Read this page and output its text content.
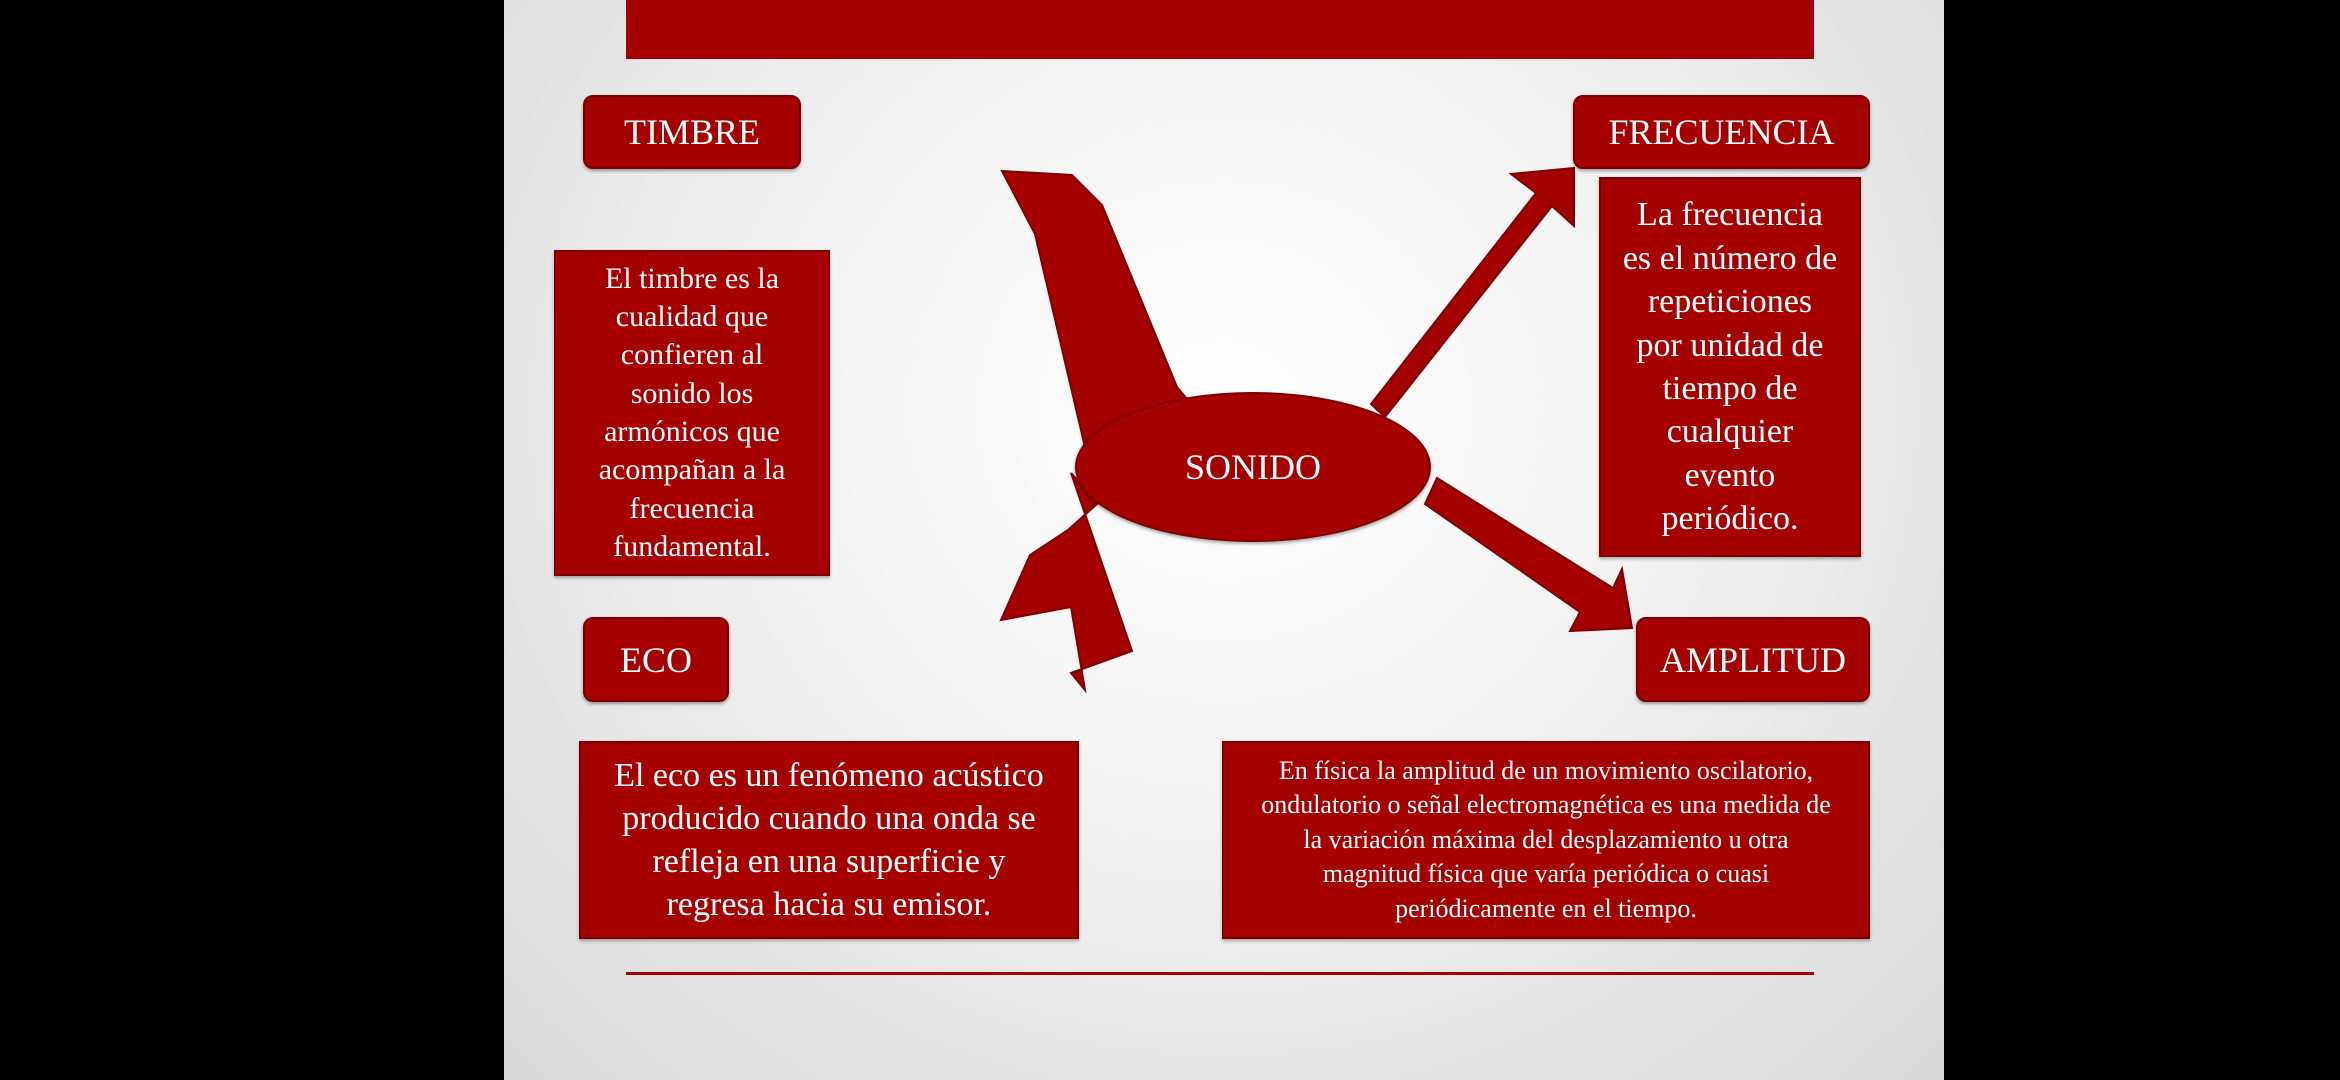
SONIDO
TIMBRE	FRECUENCIA
ECO	AMPLITUD
El timbre es la
cualidad que
confieren al
sonido los
armónicos que
acompañan a la
frecuencia
fundamental.
La frecuencia
es el número de
repeticiones
por unidad de
tiempo de
cualquier
evento
periódico.
El eco es un fenómeno acústico
producido cuando una onda se
refleja en una superficie y
regresa hacia su emisor.
En física la amplitud de un movimiento oscilatorio,
ondulatorio o señal electromagnética es una medida de
la variación máxima del desplazamiento u otra
magnitud física que varía periódica o cuasi
periódicamente en el tiempo.
